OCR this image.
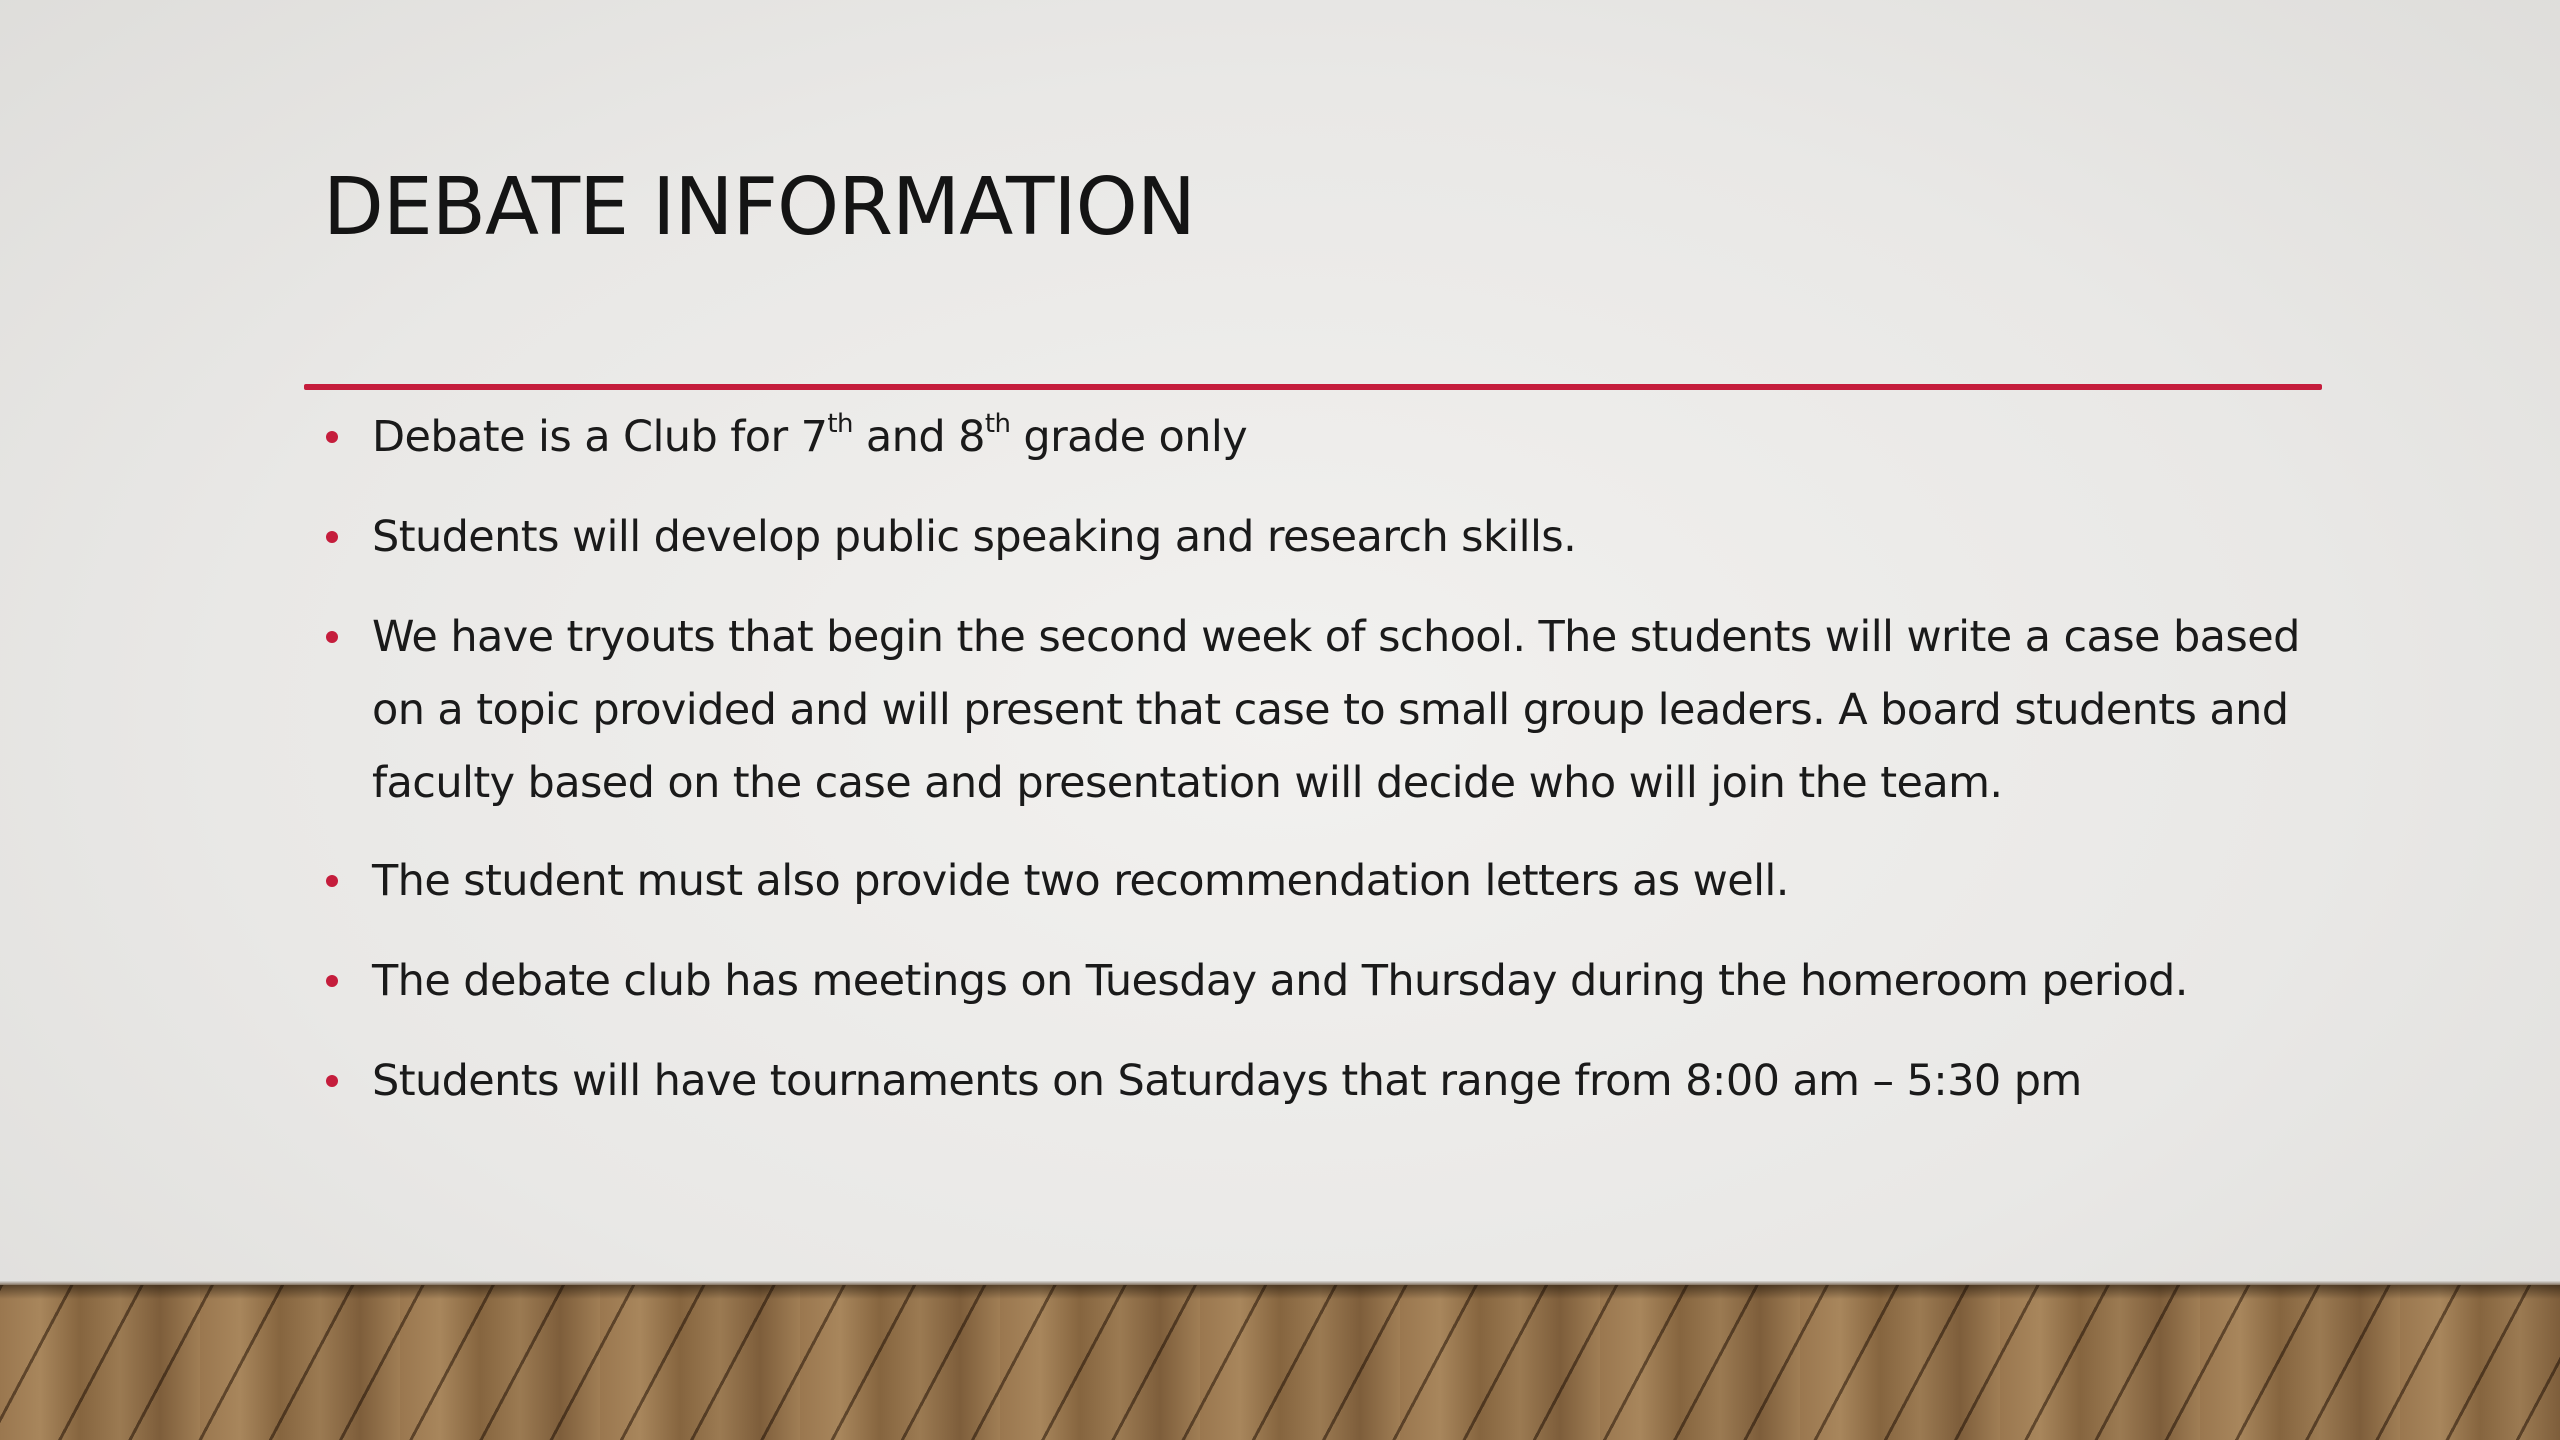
DEBATE INFORMATION
Debate is a Club for 7th and 8th grade only
Students will develop public speaking and research skills.
We have tryouts that begin the second week of school. The students will write a case based
on a topic provided and will present that case to small group leaders. A board students and
faculty based on the case and presentation will decide who will join the team.
The student must also provide two recommendation letters as well.
The debate club has meetings on Tuesday and Thursday during the homeroom period.
Students will have tournaments on Saturdays that range from 8:00 am – 5:30 pm
